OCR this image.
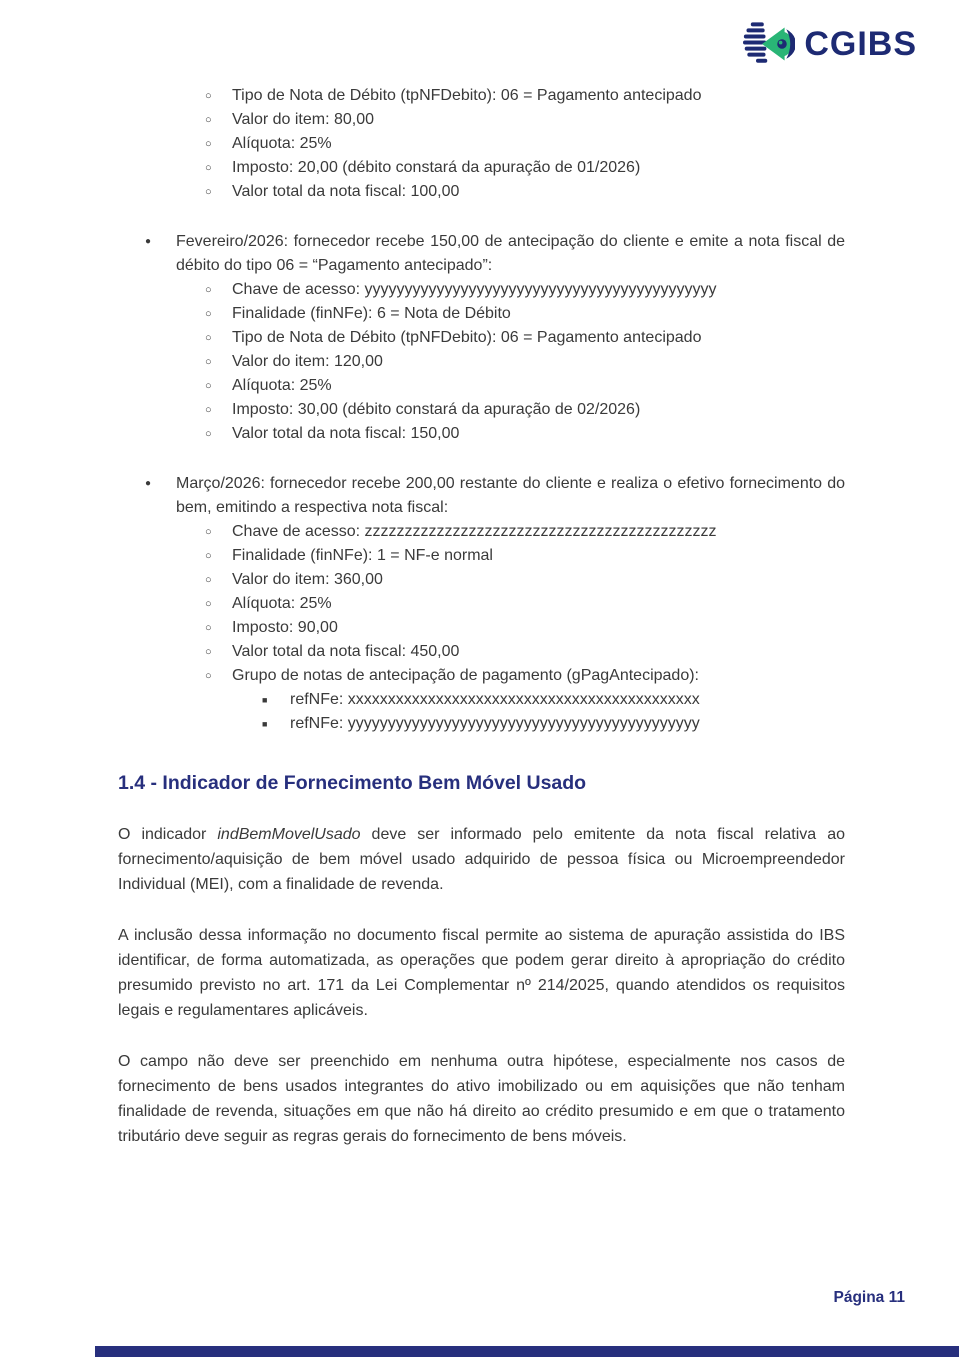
CGIBS
○	Tipo de Nota de Débito (tpNFDebito): 06 = Pagamento antecipado
○	Valor do item: 80,00
○	Alíquota: 25%
○	Imposto: 20,00 (débito constará da apuração de 01/2026)
○	Valor total da nota fiscal: 100,00
●	Fevereiro/2026: fornecedor recebe 150,00 de antecipação do cliente e emite a nota fiscal de débito do tipo 06 = “Pagamento antecipado”:
○	Chave de acesso: yyyyyyyyyyyyyyyyyyyyyyyyyyyyyyyyyyyyyyyyyyyy
○	Finalidade (finNFe): 6 = Nota de Débito
○	Tipo de Nota de Débito (tpNFDebito): 06 = Pagamento antecipado
○	Valor do item: 120,00
○	Alíquota: 25%
○	Imposto: 30,00 (débito constará da apuração de 02/2026)
○	Valor total da nota fiscal: 150,00
●	Março/2026: fornecedor recebe 200,00 restante do cliente e realiza o efetivo fornecimento do bem, emitindo a respectiva nota fiscal:
○	Chave de acesso: zzzzzzzzzzzzzzzzzzzzzzzzzzzzzzzzzzzzzzzzzzzz
○	Finalidade (finNFe): 1 = NF-e normal
○	Valor do item: 360,00
○	Alíquota: 25%
○	Imposto: 90,00
○	Valor total da nota fiscal: 450,00
○	Grupo de notas de antecipação de pagamento (gPagAntecipado):
■	refNFe: xxxxxxxxxxxxxxxxxxxxxxxxxxxxxxxxxxxxxxxxxxxx
■	refNFe: yyyyyyyyyyyyyyyyyyyyyyyyyyyyyyyyyyyyyyyyyyyy
1.4 - Indicador de Fornecimento Bem Móvel Usado

O indicador indBemMovelUsado deve ser informado pelo emitente da nota fiscal relativa ao fornecimento/aquisição de bem móvel usado adquirido de pessoa física ou Microempreendedor Individual (MEI), com a finalidade de revenda.

A inclusão dessa informação no documento fiscal permite ao sistema de apuração assistida do IBS identificar, de forma automatizada, as operações que podem gerar direito à apropriação do crédito presumido previsto no art. 171 da Lei Complementar nº 214/2025, quando atendidos os requisitos legais e regulamentares aplicáveis.

O campo não deve ser preenchido em nenhuma outra hipótese, especialmente nos casos de fornecimento de bens usados integrantes do ativo imobilizado ou em aquisições que não tenham finalidade de revenda, situações em que não há direito ao crédito presumido e em que o tratamento tributário deve seguir as regras gerais do fornecimento de bens móveis.

Página 11
